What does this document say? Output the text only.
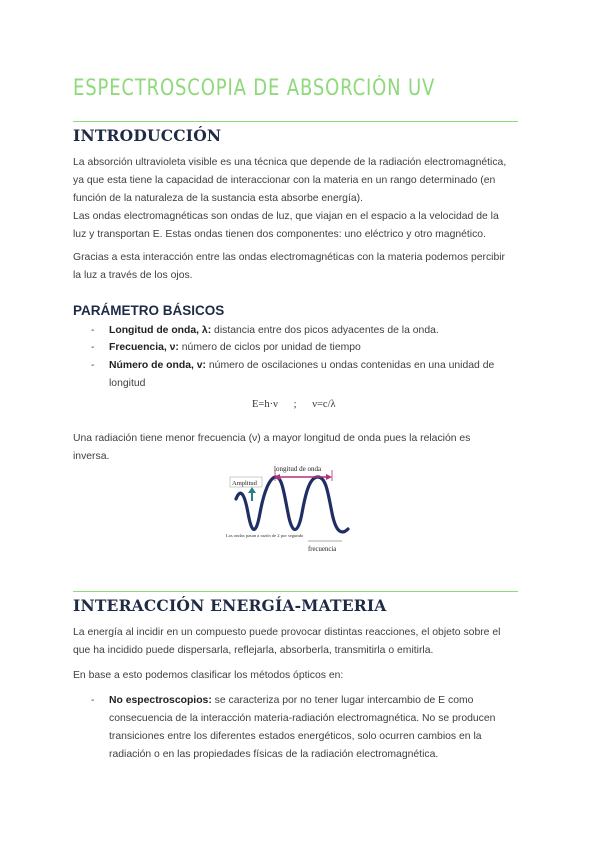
ESPECTROSCOPIA DE ABSORCIÓN UV
INTRODUCCIÓN
La absorción ultravioleta visible es una técnica que depende de la radiación electromagnética,
ya que esta tiene la capacidad de interaccionar con la materia en un rango determinado (en
función de la naturaleza de la sustancia esta absorbe energía).
Las ondas electromagnéticas son ondas de luz, que viajan en el espacio a la velocidad de la
luz y transportan E. Estas ondas tienen dos componentes: uno eléctrico y otro magnético.
Gracias a esta interacción entre las ondas electromagnéticas con la materia podemos percibir
la luz a través de los ojos.
PARÁMETRO BÁSICOS
- Longitud de onda, λ: distancia entre dos picos adyacentes de la onda.
- Frecuencia, ν: número de ciclos por unidad de tiempo
- Número de onda, v: número de oscilaciones u ondas contenidas en una unidad de
longitud
E=h·ν      ;      ν=c/λ
Una radiación tiene menor frecuencia (ν) a mayor longitud de onda pues la relación es
inversa.
longitud de onda
Amplitud
Las ondas pasan a razón de 2 por segundo
frecuencia
INTERACCIÓN ENERGÍA-MATERIA
La energía al incidir en un compuesto puede provocar distintas reacciones, el objeto sobre el
que ha incidido puede dispersarla, reflejarla, absorberla, transmitirla o emitirla.
En base a esto podemos clasificar los métodos ópticos en:
- No espectroscopios: se caracteriza por no tener lugar intercambio de E como
consecuencia de la interacción materia-radiación electromagnética. No se producen
transiciones entre los diferentes estados energéticos, solo ocurren cambios en la
radiación o en las propiedades físicas de la radiación electromagnética.
